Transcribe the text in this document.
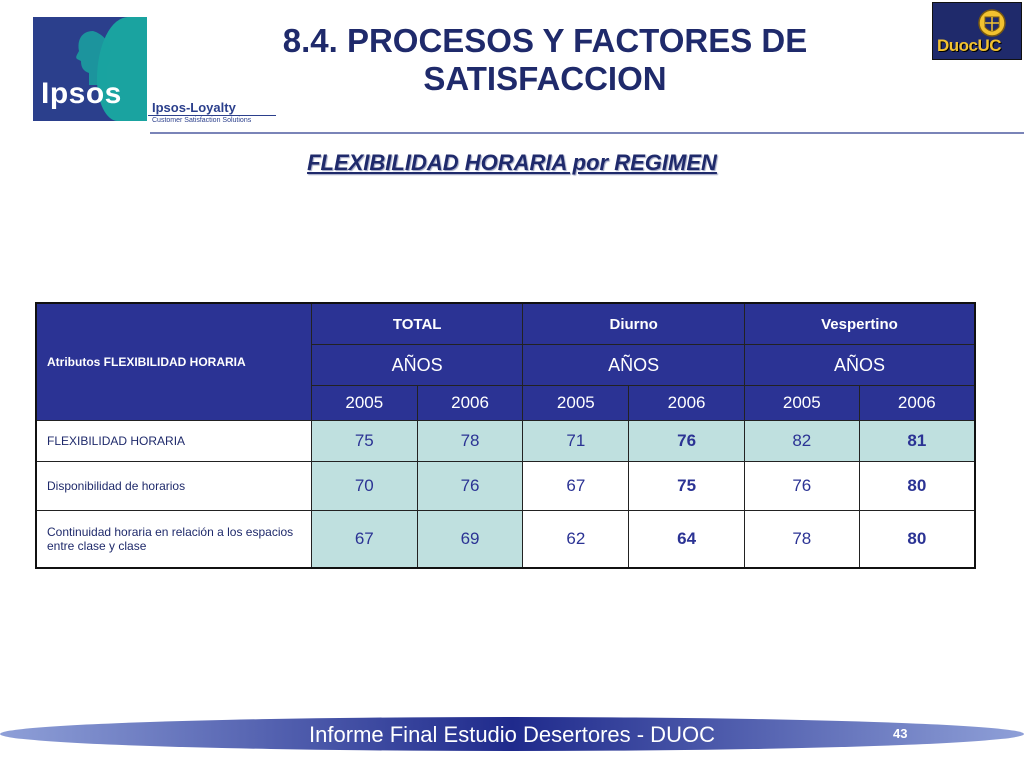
Ipsos	Ipsos-Loyalty
Customer Satisfaction Solutions
DuocUC
8.4. PROCESOS Y FACTORES DE SATISFACCION
FLEXIBILIDAD HORARIA por REGIMEN
Atributos FLEXIBILIDAD HORARIA	TOTAL		Diurno		Vespertino	
	AÑOS		AÑOS		AÑOS	
	2005	2006	2005	2006	2005	2006
FLEXIBILIDAD HORARIA	75	78	71	76	82	81
Disponibilidad de horarios	70	76	67	75	76	80
Continuidad horaria en relación a los espacios entre clase y clase	67	69	62	64	78	80
Informe Final Estudio Desertores - DUOC	43
